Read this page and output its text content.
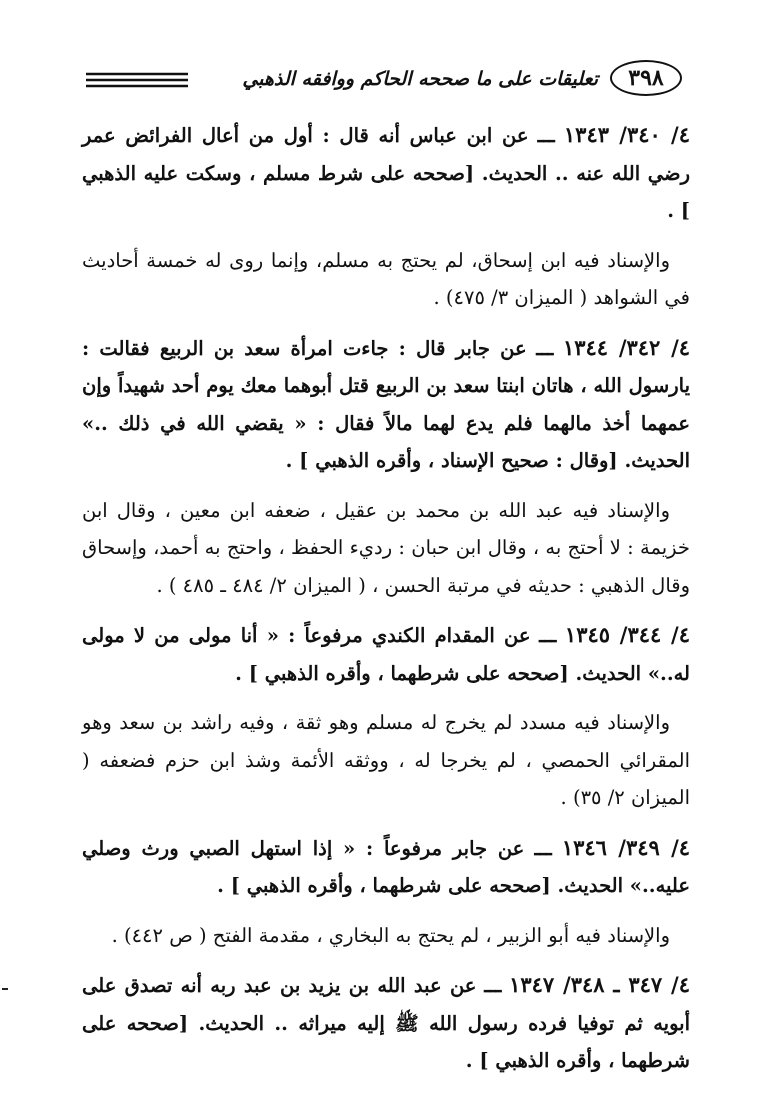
تعليقات على ما صححه الحاكم ووافقه الذهبي	٣٩٨
٤/ ٣٤٠/ ١٣٤٣ ـــ عن ابن عباس أنه قال : أول من أعال الفرائض عمر رضي الله عنه .. الحديث. [صححه على شرط مسلم ، وسكت عليه الذهبي ] .
والإسناد فيه ابن إسحاق، لم يحتج به مسلم، وإنما روى له خمسة أحاديث في الشواهد ( الميزان ٣/ ٤٧٥) .
٤/ ٣٤٢/ ١٣٤٤ ـــ عن جابر قال : جاءت امرأة سعد بن الربيع فقالت : يارسول الله ، هاتان ابنتا سعد بن الربيع قتل أبوهما معك يوم أحد شهيداً وإن عمهما أخذ مالهما فلم يدع لهما مالاً فقال : « يقضي الله في ذلك ..» الحديث. [وقال : صحيح الإسناد ، وأقره الذهبي ] .
والإسناد فيه عبد الله بن محمد بن عقيل ، ضعفه ابن معين ، وقال ابن خزيمة : لا أحتج به ، وقال ابن حبان : رديء الحفظ ، واحتج به أحمد، وإسحاق وقال الذهبي : حديثه في مرتبة الحسن ، ( الميزان ٢/ ٤٨٤ ـ ٤٨٥ ) .
٤/ ٣٤٤/ ١٣٤٥ ـــ عن المقدام الكندي مرفوعاً : « أنا مولى من لا مولى له..» الحديث. [صححه على شرطهما ، وأقره الذهبي ] .
والإسناد فيه مسدد لم يخرج له مسلم وهو ثقة ، وفيه راشد بن سعد وهو المقرائي الحمصي ، لم يخرجا له ، ووثقه الأئمة وشذ ابن حزم فضعفه ( الميزان ٢/ ٣٥) .
٤/ ٣٤٩/ ١٣٤٦ ـــ عن جابر مرفوعاً : « إذا استهل الصبي ورث وصلي عليه..» الحديث. [صححه على شرطهما ، وأقره الذهبي ] .
والإسناد فيه أبو الزبير ، لم يحتج به البخاري ، مقدمة الفتح ( ص ٤٤٢) .
٤/ ٣٤٧ ـ ٣٤٨/ ١٣٤٧ ـــ عن عبد الله بن يزيد بن عبد ربه أنه تصدق على أبويه ثم توفيا فرده رسول الله ﷺ إليه ميراثه .. الحديث. [صححه على شرطهما ، وأقره الذهبي ] .
